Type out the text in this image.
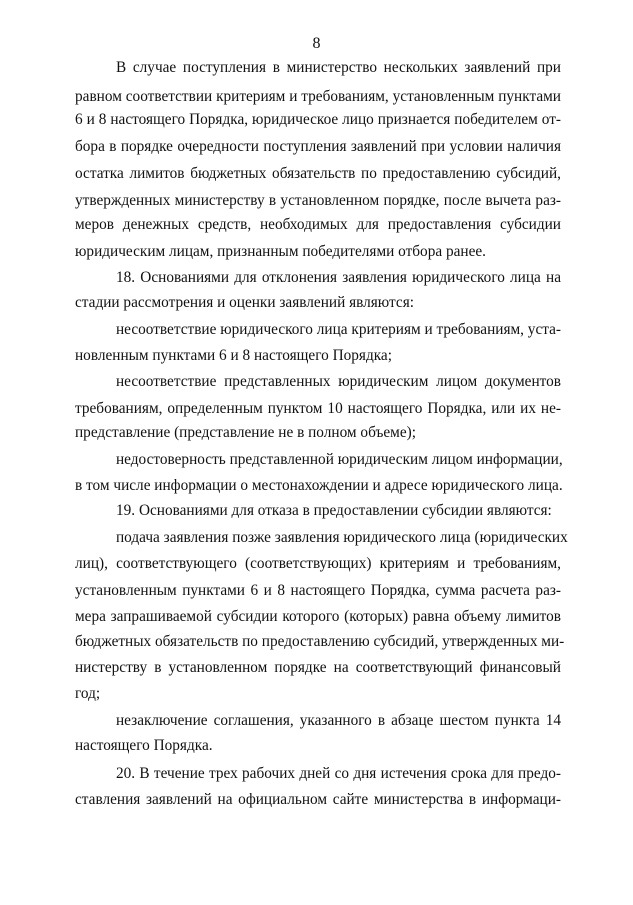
8
В случае поступления в министерство нескольких заявлений при
равном соответствии критериям и требованиям, установленным пунктами
6 и 8 настоящего Порядка, юридическое лицо признается победителем от-
бора в порядке очередности поступления заявлений при условии наличия
остатка лимитов бюджетных обязательств по предоставлению субсидий,
утвержденных министерству в установленном порядке, после вычета раз-
меров денежных средств, необходимых для предоставления субсидии
юридическим лицам, признанным победителями отбора ранее.
18. Основаниями для отклонения заявления юридического лица на
стадии рассмотрения и оценки заявлений являются:
несоответствие юридического лица критериям и требованиям, уста-
новленным пунктами 6 и 8 настоящего Порядка;
несоответствие представленных юридическим лицом документов
требованиям, определенным пунктом 10 настоящего Порядка, или их не-
представление (представление не в полном объеме);
недостоверность представленной юридическим лицом информации,
в том числе информации о местонахождении и адресе юридического лица.
19. Основаниями для отказа в предоставлении субсидии являются:
подача заявления позже заявления юридического лица (юридических
лиц), соответствующего (соответствующих) критериям и требованиям,
установленным пунктами 6 и 8 настоящего Порядка, сумма расчета раз-
мера запрашиваемой субсидии которого (которых) равна объему лимитов
бюджетных обязательств по предоставлению субсидий, утвержденных ми-
нистерству в установленном порядке на соответствующий финансовый
год;
незаключение соглашения, указанного в абзаце шестом пункта 14
настоящего Порядка.
20. В течение трех рабочих дней со дня истечения срока для предо-
ставления заявлений на официальном сайте министерства в информаци-
